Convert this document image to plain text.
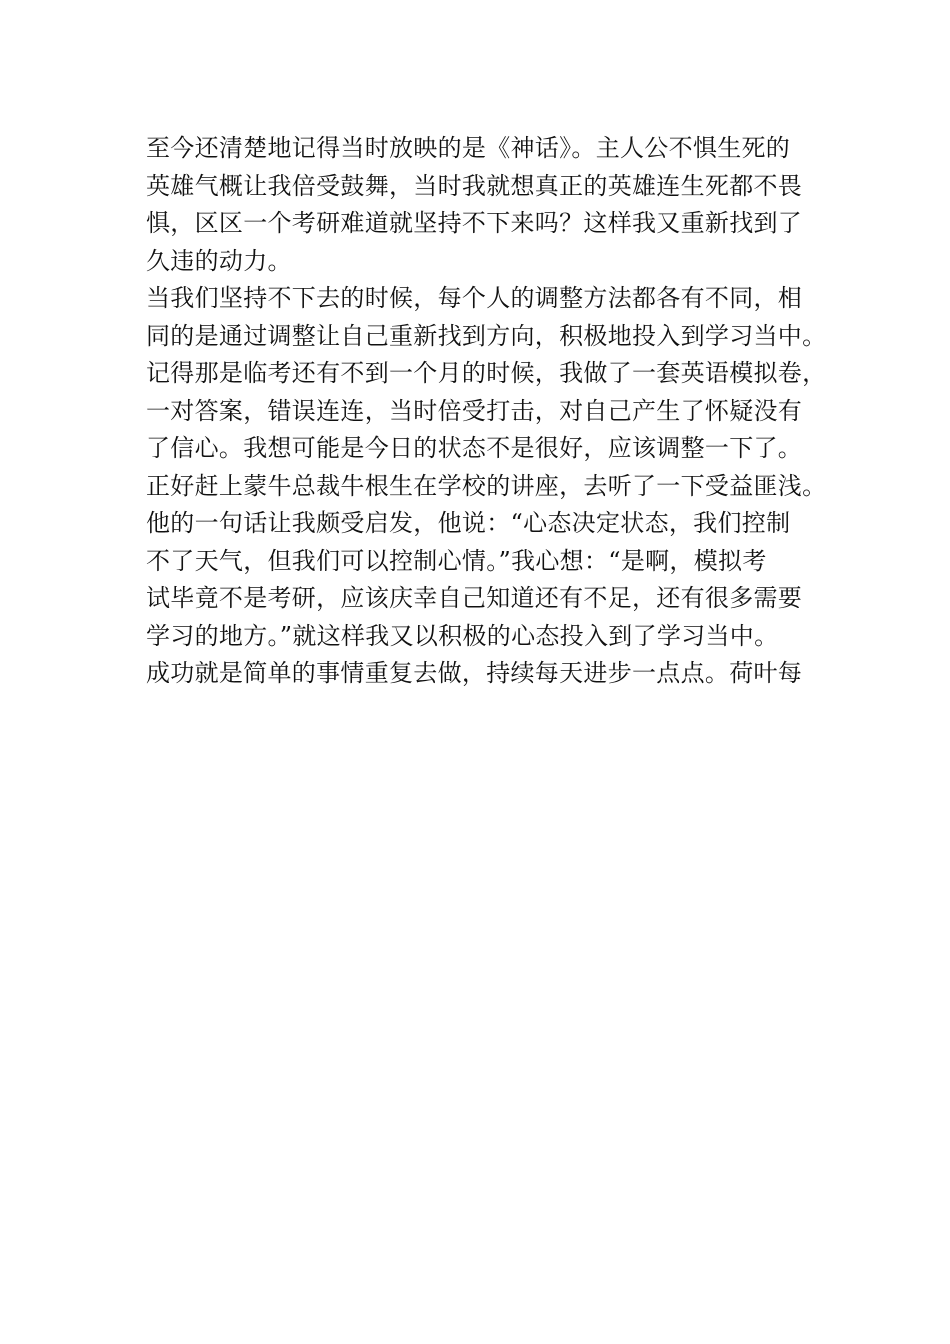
至今还清楚地记得当时放映的是《神话》。主人公不惧生死的
英雄气概让我倍受鼓舞，当时我就想真正的英雄连生死都不畏
惧，区区一个考研难道就坚持不下来吗？这样我又重新找到了
久违的动力。
当我们坚持不下去的时候，每个人的调整方法都各有不同，相
同的是通过调整让自己重新找到方向，积极地投入到学习当中。
记得那是临考还有不到一个月的时候，我做了一套英语模拟卷，
一对答案，错误连连，当时倍受打击，对自己产生了怀疑没有
了信心。我想可能是今日的状态不是很好，应该调整一下了。
正好赶上蒙牛总裁牛根生在学校的讲座，去听了一下受益匪浅。
他的一句话让我颇受启发，他说：“心态决定状态，我们控制
不了天气，但我们可以控制心情。”我心想：“是啊，模拟考
试毕竟不是考研，应该庆幸自己知道还有不足，还有很多需要
学习的地方。”就这样我又以积极的心态投入到了学习当中。
成功就是简单的事情重复去做，持续每天进步一点点。荷叶每
